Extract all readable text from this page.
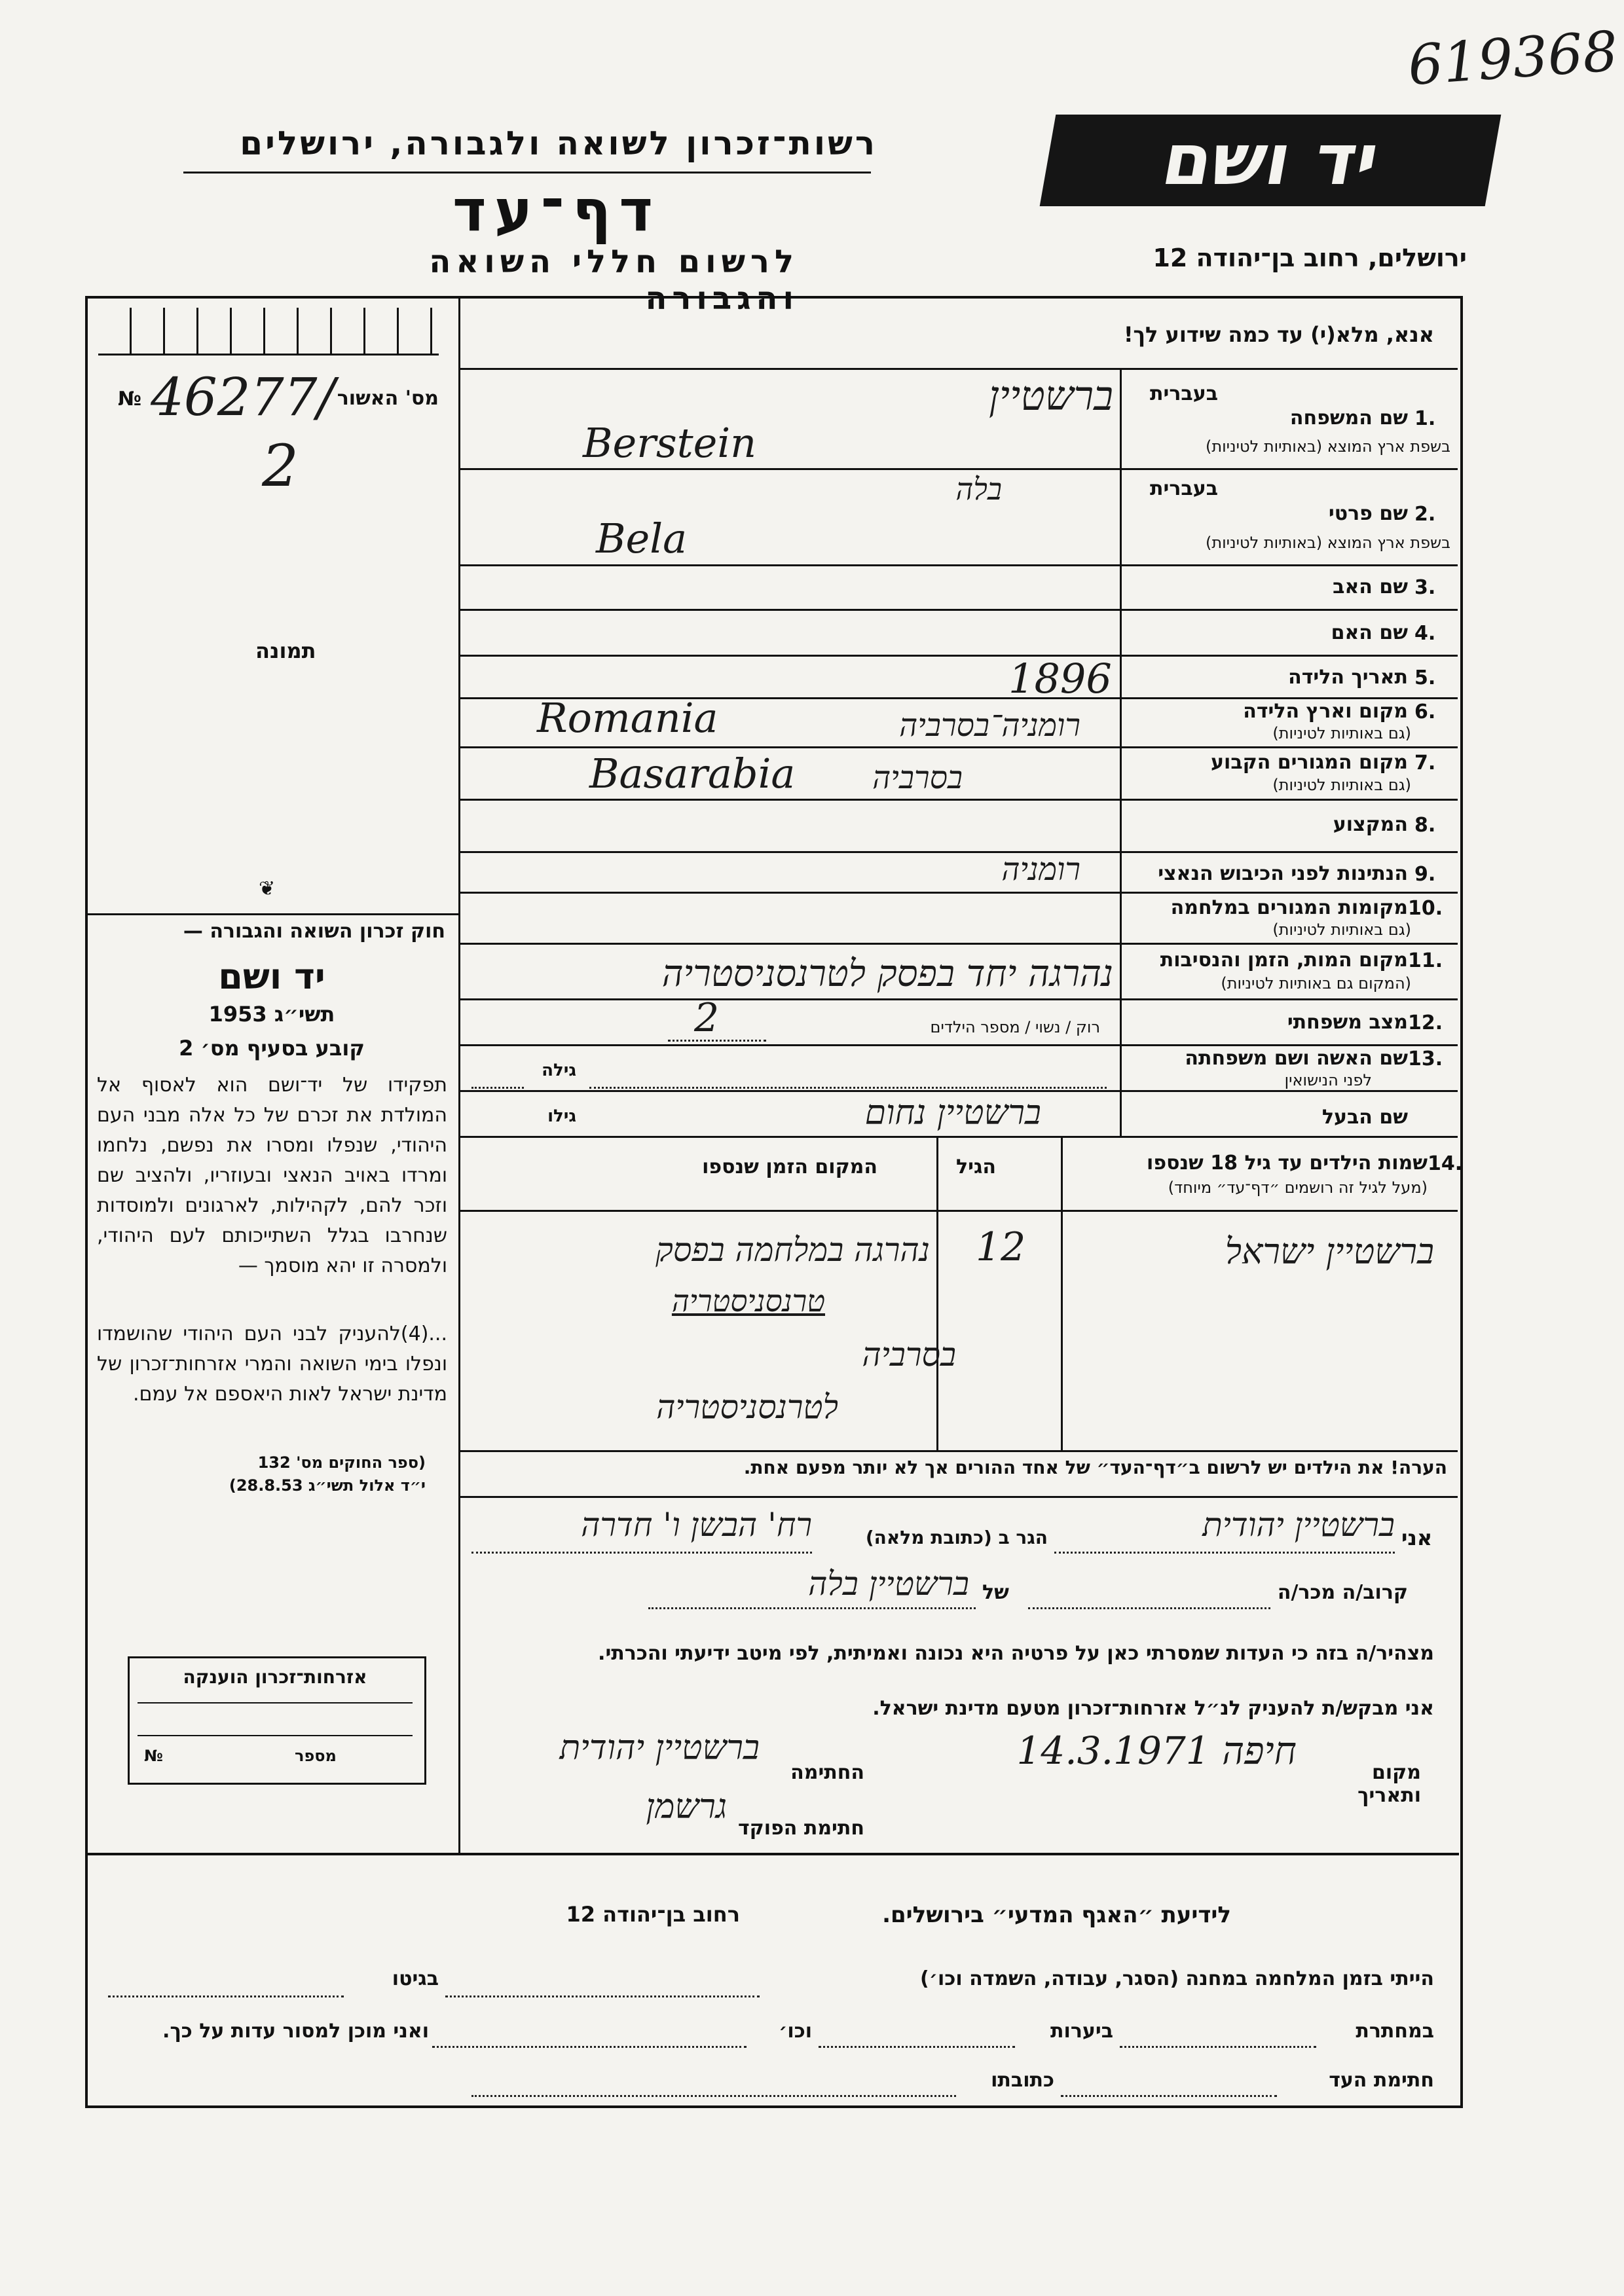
619368
רשות־זכרון לשואה ולגבורה, ירושלים
דף־עד
לרשום חללי השואה והגבורה
יד ושם
ירושלים, רחוב בן־יהודה 12
אנא, מלא(י) עד כמה שידוע לך!
מס' האשור
№ 46277/
2
תמונה
❦
חוק זכרון השואה והגבורה —
יד ושם
תשי״ג 1953
קובע בסעיף מס׳ 2
תפקידו של יד־ושם הוא לאסוף אל המולדת את זכרם של כל אלה מבני העם היהודי, שנפלו ומסרו את נפשם, נלחמו ומרדו באויב הנאצי ובעוזריו, ולהציב שם וזכר להם, לקהילות, לארגונים ולמוסדות שנחרבו בגלל השתייכותם לעם היהודי, ולמסרה זו יהא מוסמך —
...(4)להעניק לבני העם היהודי שהושמדו ונפלו בימי השואה והמרי אזרחות־זכרון של מדינת ישראל לאות היאספם אל עמם.
(ספר החוקים מס' 132
י״ד אלול תשי״ג 28.8.53)
בעברית
שם המשפחה 1.
בשפת ארץ המוצא (באותיות לטיניות)
ברשטיין
Berstein
בעברית
שם פרטי 2.
בשפת ארץ המוצא (באותיות לטיניות)
בלה
Bela
שם האב 3.
שם האם 4.
תאריך הלידה 5.
1896
מקום וארץ הלידה 6.
(גם באותיות לטיניות)
Romania	רומניה־בסרביה
מקום המגורים הקבוע 7.
(גם באותיות לטיניות)
Basarabia	בסרביה
המקצוע 8.
הנתינות לפני הכיבוש הנאצי 9.
רומניה
מקומות המגורים במלחמה 10.
(גם באותיות לטיניות)
מקום המות, הזמן והנסיבות 11.
(המקום גם באותיות לטיניות)
נהרגה יחד בפסק לטרנסניסטריה
מצב משפחתי 12.
רוק / נשוי / מספר הילדים
2
שם האשה ושם משפחתה 13.
לפני הנישואין
גילה
שם הבעל
גילו	ברשטיין נחום
שמות הילדים עד גיל 18 שנספו 14.
(מעל לגיל זה רושמים ״דף־עד״ מיוחד)
הגיל
המקום הזמן שנספו
ברשטיין ישראל
12
נהרגה במלחמה בפסק
טרנסניסטריה
בסרביה
לטרנסניסטריה
הערה! את הילדים יש לרשום ב״דף־העד״ של אחד ההורים אך לא יותר מפעם אחת.
אני
ברשטיין יהודית
הגר ב (כתובת מלאה)
רח' הבשן ו' חדרה
קרוב/ה מכר/ה
של
ברשטיין בלה
מצהיר/ה בזה כי העדות שמסרתי כאן על פרטיה היא נכונה ואמיתית, לפי מיטב ידיעתי והכרתי.
אני מבקש/ת להעניק לנ״ל אזרחות־זכרון מטעם מדינת ישראל.
מקום ותאריך
חיפה 14.3.1971
החתימה
ברשטיין יהודית
חתימת הפוקד
גרשמן
אזרחות־זכרון הוענקה
מספר
№
לידיעת ״האגף המדעי״ בירושלים.
רחוב בן־יהודה 12
הייתי בזמן המלחמה במחנה (הסגר, עבודה, השמדה וכו׳)
בגיטו
במחתרת
ביערות
וכו׳
ואני מוכן למסור עדות על כך.
חתימת העד
כתובתו
